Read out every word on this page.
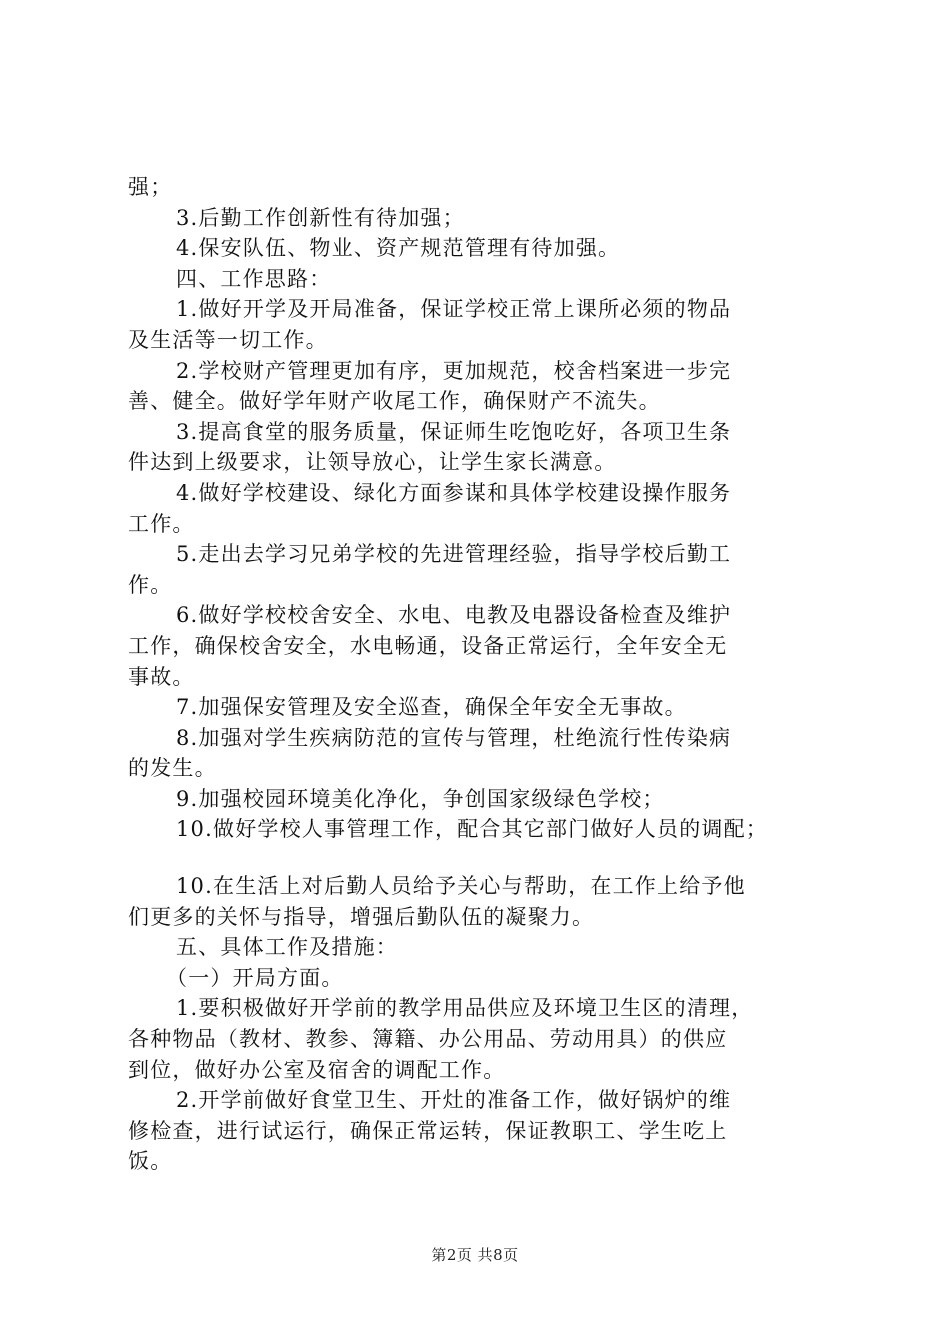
强；

3.后勤工作创新性有待加强；

4.保安队伍、物业、资产规范管理有待加强。

四、工作思路：

1.做好开学及开局准备，保证学校正常上课所必须的物品

及生活等一切工作。

2.学校财产管理更加有序，更加规范，校舍档案进一步完

善、健全。做好学年财产收尾工作，确保财产不流失。

3.提高食堂的服务质量，保证师生吃饱吃好，各项卫生条

件达到上级要求，让领导放心，让学生家长满意。

4.做好学校建设、绿化方面参谋和具体学校建设操作服务

工作。

5.走出去学习兄弟学校的先进管理经验，指导学校后勤工

作。

6.做好学校校舍安全、水电、电教及电器设备检查及维护

工作，确保校舍安全，水电畅通，设备正常运行，全年安全无

事故。

7.加强保安管理及安全巡查，确保全年安全无事故。

8.加强对学生疾病防范的宣传与管理，杜绝流行性传染病

的发生。

9.加强校园环境美化净化，争创国家级绿色学校；

10.做好学校人事管理工作，配合其它部门做好人员的调配；

10.在生活上对后勤人员给予关心与帮助，在工作上给予他

们更多的关怀与指导，增强后勤队伍的凝聚力。

五、具体工作及措施：

（一）开局方面。

1.要积极做好开学前的教学用品供应及环境卫生区的清理，

各种物品（教材、教参、簿籍、办公用品、劳动用具）的供应

到位，做好办公室及宿舍的调配工作。

2.开学前做好食堂卫生、开灶的准备工作，做好锅炉的维

修检查，进行试运行，确保正常运转，保证教职工、学生吃上

饭。

第2页 共8页
